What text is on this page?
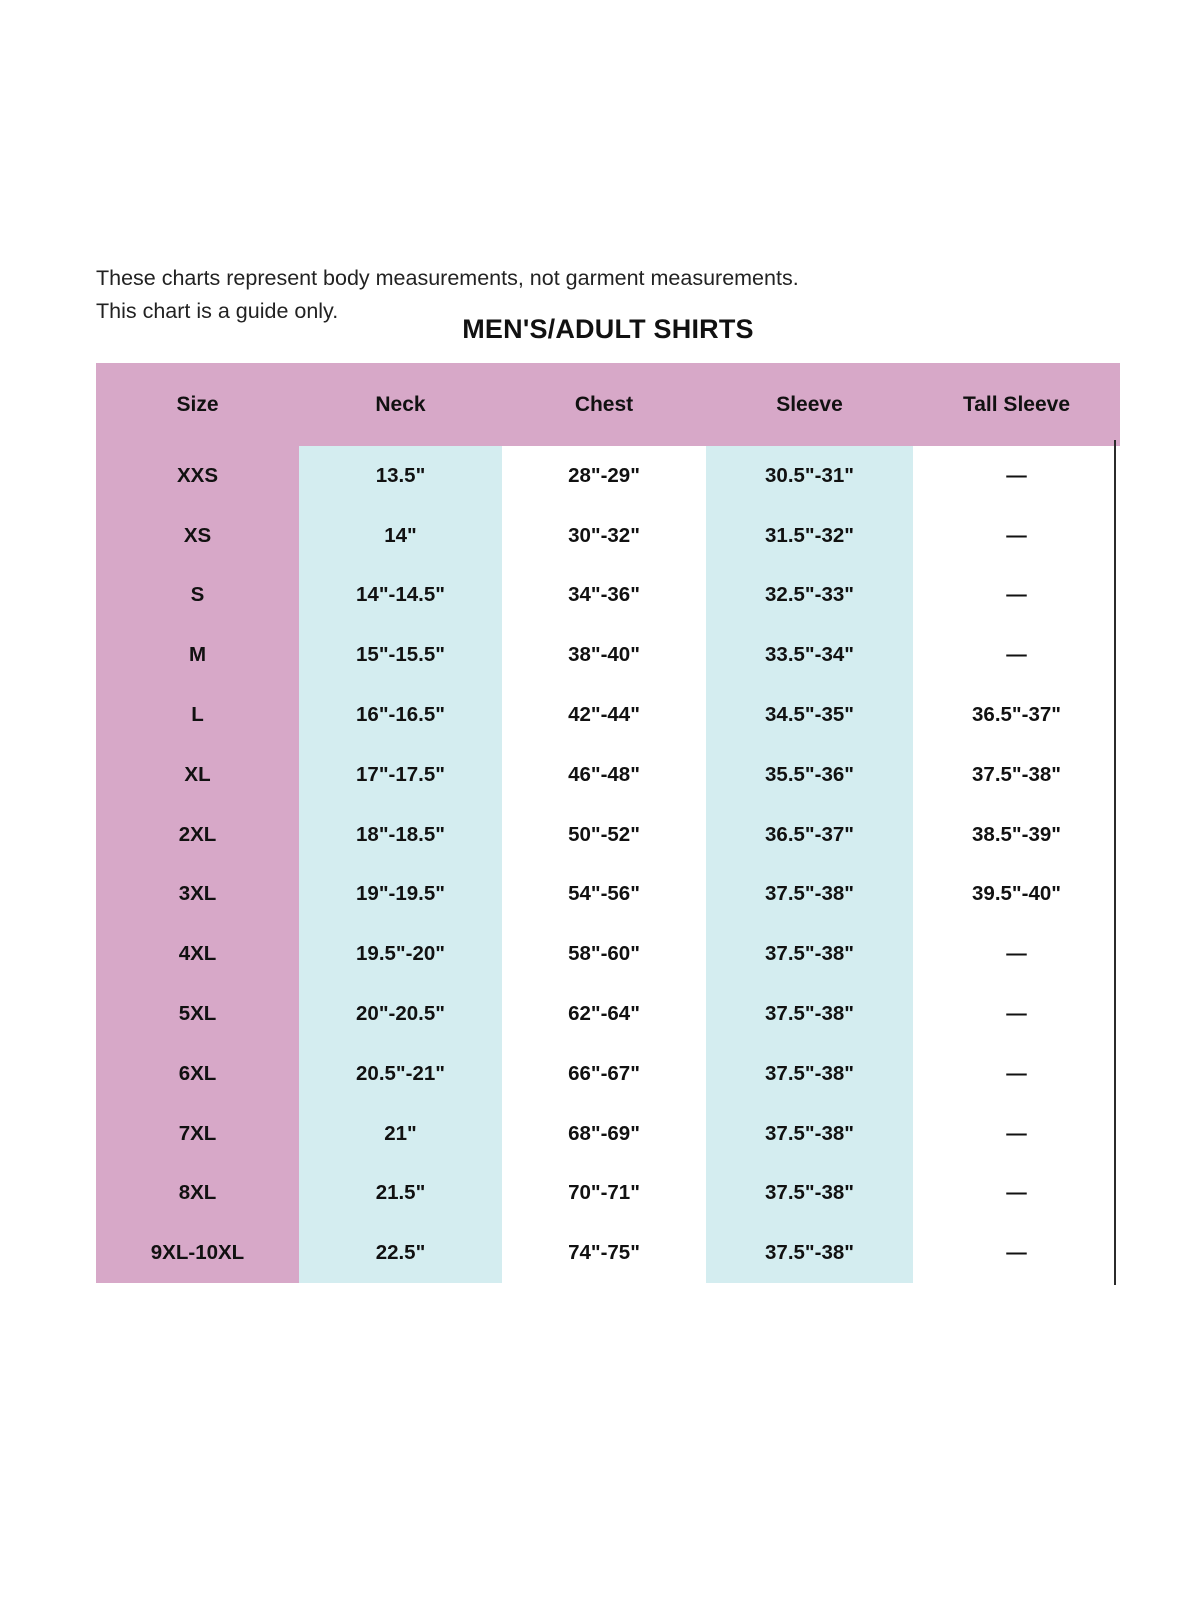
These charts represent body measurements, not garment measurements.
This chart is a guide only.
MEN'S/ADULT SHIRTS
Size	Neck	Chest	Sleeve	Tall Sleeve
XXS	13.5"	28"-29"	30.5"-31"	—
XS	14"	30"-32"	31.5"-32"	—
S	14"-14.5"	34"-36"	32.5"-33"	—
M	15"-15.5"	38"-40"	33.5"-34"	—
L	16"-16.5"	42"-44"	34.5"-35"	36.5"-37"
XL	17"-17.5"	46"-48"	35.5"-36"	37.5"-38"
2XL	18"-18.5"	50"-52"	36.5"-37"	38.5"-39"
3XL	19"-19.5"	54"-56"	37.5"-38"	39.5"-40"
4XL	19.5"-20"	58"-60"	37.5"-38"	—
5XL	20"-20.5"	62"-64"	37.5"-38"	—
6XL	20.5"-21"	66"-67"	37.5"-38"	—
7XL	21"	68"-69"	37.5"-38"	—
8XL	21.5"	70"-71"	37.5"-38"	—
9XL-10XL	22.5"	74"-75"	37.5"-38"	—
